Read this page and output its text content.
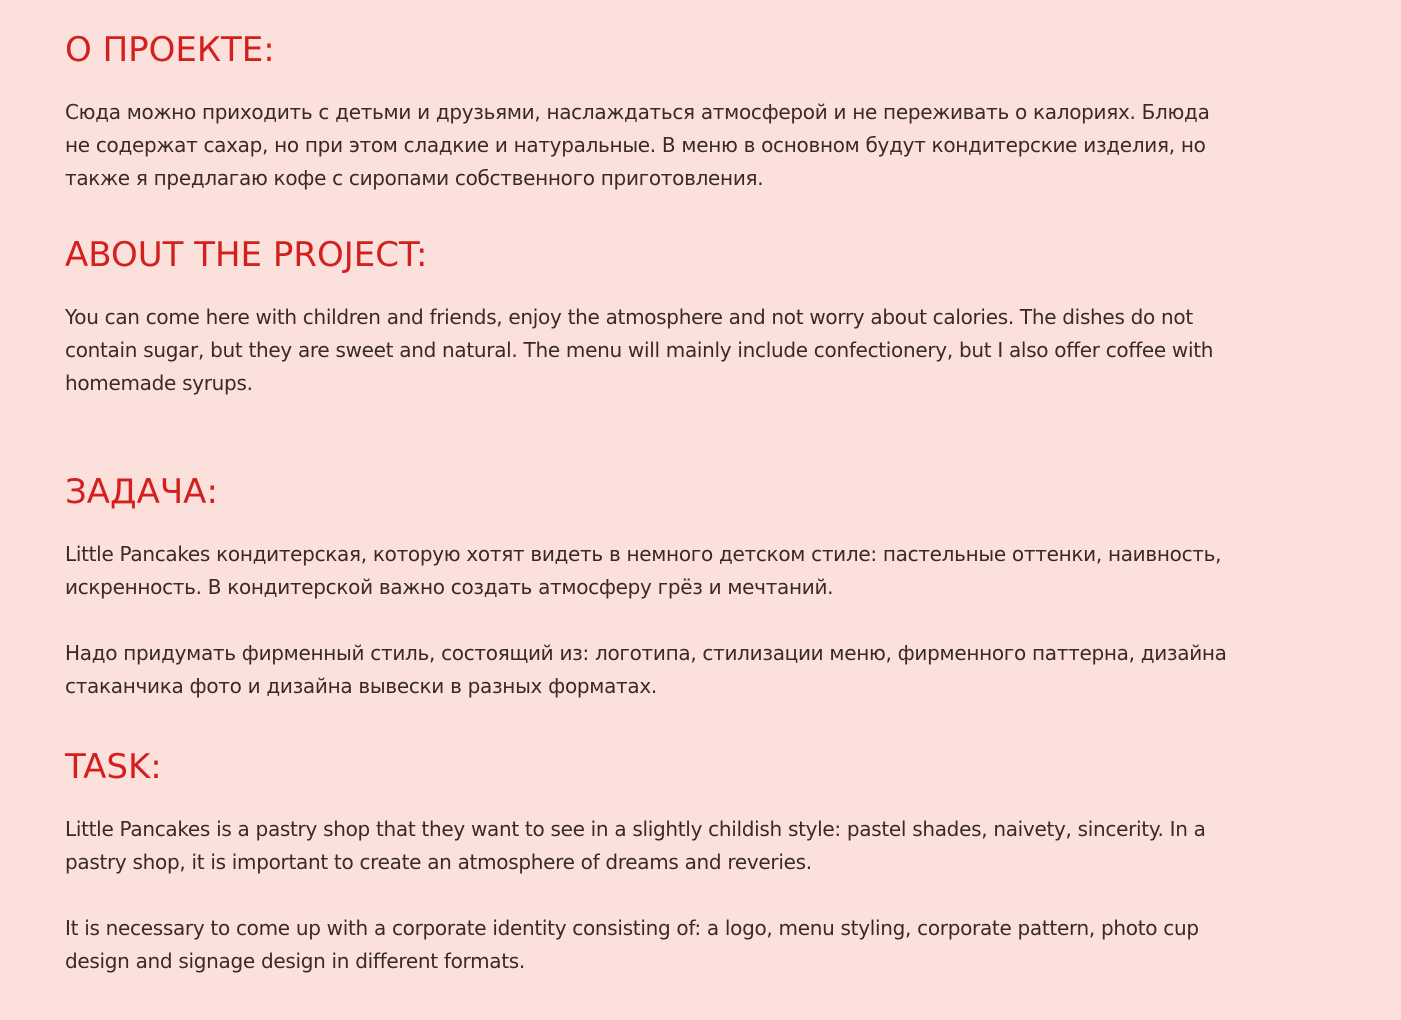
О ПРОЕКТЕ:

Сюда можно приходить с детьми и друзьями, наслаждаться атмосферой и не переживать о калориях. Блюда
не содержат сахар, но при этом сладкие и натуральные. В меню в основном будут кондитерские изделия, но
также я предлагаю кофе с сиропами собственного приготовления.

ABOUT THE PROJECT:

You can come here with children and friends, enjoy the atmosphere and not worry about calories. The dishes do not
contain sugar, but they are sweet and natural. The menu will mainly include confectionery, but I also offer coffee with
homemade syrups.

ЗАДАЧА:

Little Pancakes кондитерская, которую хотят видеть в немного детском стиле: пастельные оттенки, наивность,
искренность. В кондитерской важно создать атмосферу грёз и мечтаний.

Надо придумать фирменный стиль, состоящий из: логотипа, стилизации меню, фирменного паттерна, дизайна
стаканчика фото и дизайна вывески в разных форматах.

TASK:

Little Pancakes is a pastry shop that they want to see in a slightly childish style: pastel shades, naivety, sincerity. In a
pastry shop, it is important to create an atmosphere of dreams and reveries.

It is necessary to come up with a corporate identity consisting of: a logo, menu styling, corporate pattern, photo cup
design and signage design in different formats.
